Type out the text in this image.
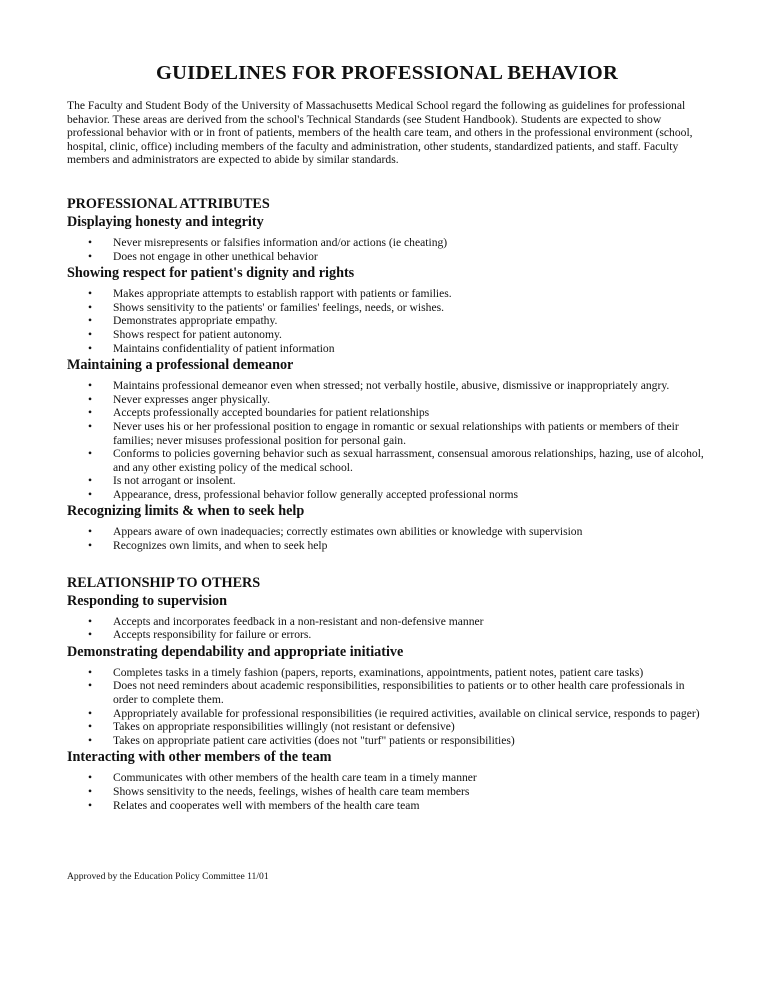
GUIDELINES FOR PROFESSIONAL BEHAVIOR

The Faculty and Student Body of the University of Massachusetts Medical School regard the following as guidelines for professional behavior. These areas are derived from the school's Technical Standards (see Student Handbook). Students are expected to show professional behavior with or in front of patients, members of the health care team, and others in the professional environment (school, hospital, clinic, office) including members of the faculty and administration, other students, standardized patients, and staff. Faculty members and administrators are expected to abide by similar standards.

PROFESSIONAL ATTRIBUTES
Displaying honesty and integrity
• Never misrepresents or falsifies information and/or actions (ie cheating)
• Does not engage in other unethical behavior
Showing respect for patient's dignity and rights
• Makes appropriate attempts to establish rapport with patients or families.
• Shows sensitivity to the patients' or families' feelings, needs, or wishes.
• Demonstrates appropriate empathy.
• Shows respect for patient autonomy.
• Maintains confidentiality of patient information
Maintaining a professional demeanor
• Maintains professional demeanor even when stressed; not verbally hostile, abusive, dismissive or inappropriately angry.
• Never expresses anger physically.
• Accepts professionally accepted boundaries for patient relationships
• Never uses his or her professional position to engage in romantic or sexual relationships with patients or members of their families; never misuses professional position for personal gain.
• Conforms to policies governing behavior such as sexual harrassment, consensual amorous relationships, hazing, use of alcohol, and any other existing policy of the medical school.
• Is not arrogant or insolent.
• Appearance, dress, professional behavior follow generally accepted professional norms
Recognizing limits & when to seek help
• Appears aware of own inadequacies; correctly estimates own abilities or knowledge with supervision
• Recognizes own limits, and when to seek help
RELATIONSHIP TO OTHERS
Responding to supervision
• Accepts and incorporates feedback in a non-resistant and non-defensive manner
• Accepts responsibility for failure or errors.
Demonstrating dependability and appropriate initiative
• Completes tasks in a timely fashion (papers, reports, examinations, appointments, patient notes, patient care tasks)
• Does not need reminders about academic responsibilities, responsibilities to patients or to other health care professionals in order to complete them.
• Appropriately available for professional responsibilities (ie required activities, available on clinical service, responds to pager)
• Takes on appropriate responsibilities willingly (not resistant or defensive)
• Takes on appropriate patient care activities (does not "turf" patients or responsibilities)
Interacting with other members of the team
• Communicates with other members of the health care team in a timely manner
• Shows sensitivity to the needs, feelings, wishes of health care team members
• Relates and cooperates well with members of the health care team
Approved by the Education Policy Committee 11/01
